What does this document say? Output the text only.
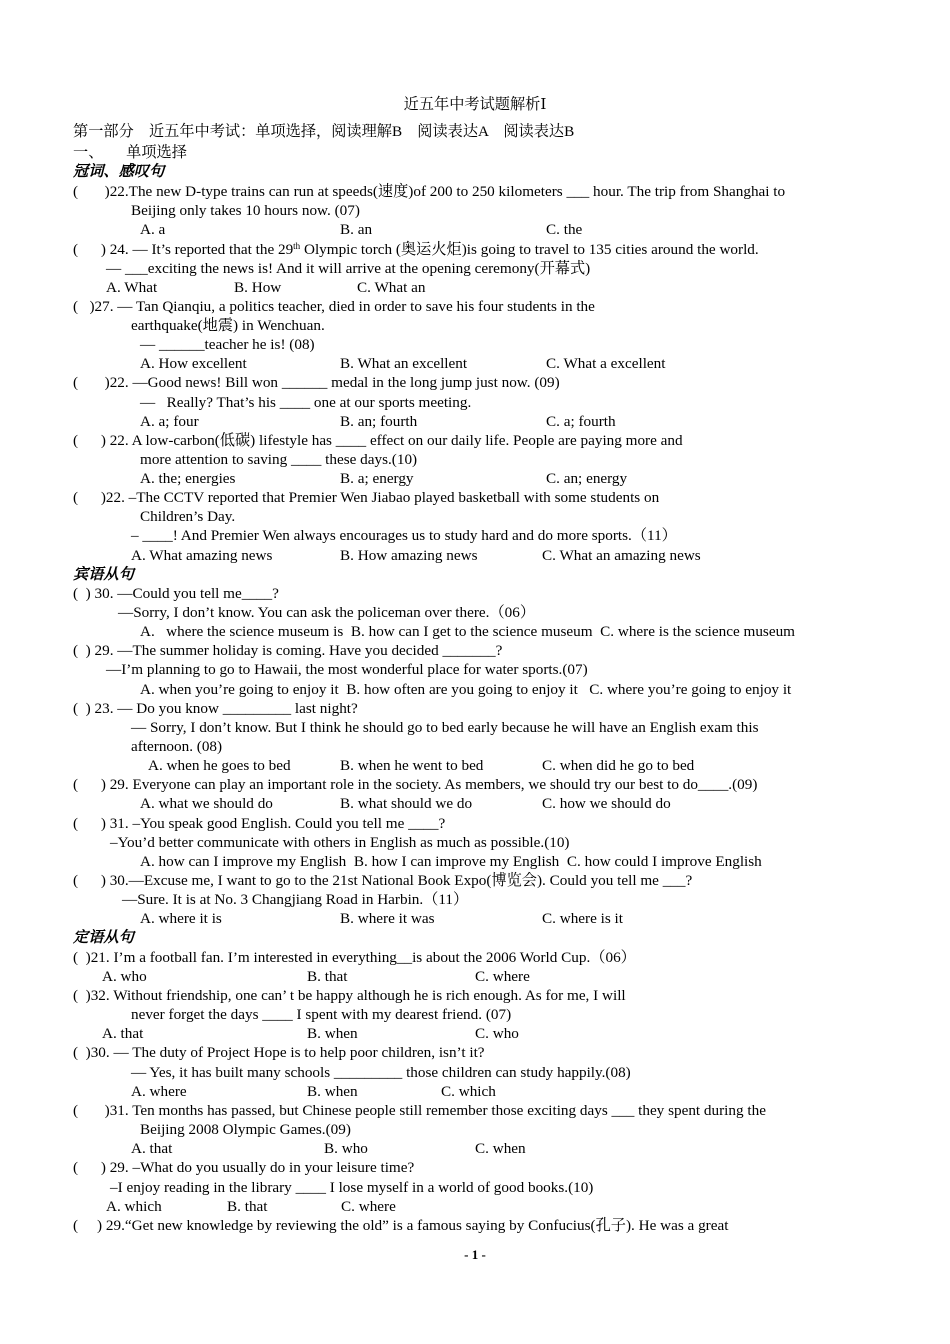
近五年中考试题解析Ⅰ
第一部分　近五年中考试：单项选择，阅读理解B　阅读表达A　阅读表达B
一、　　单项选择
冠词、感叹句
(       )22.The new D-type trains can run at speeds(速度)of 200 to 250 kilometers ___ hour. The trip from Shanghai to
Beijing only takes 10 hours now. (07)
A. a	B. an	C. the
(      ) 24. — It’s reported that the 29th Olympic torch (奥运火炬)is going to travel to 135 cities around the world.
— ___exciting the news is! And it will arrive at the opening ceremony(开幕式)
A. What	B. How	C. What an
(   )27. — Tan Qianqiu, a politics teacher, died in order to save his four students in the
earthquake(地震) in Wenchuan.
— ______teacher he is! (08)
A. How excellent	B. What an excellent	C. What a excellent
(       )22. —Good news! Bill won ______ medal in the long jump just now. (09)
—   Really? That’s his ____ one at our sports meeting.
A. a; four	B. an; fourth	C. a; fourth
(      ) 22. A low-carbon(低碳) lifestyle has ____ effect on our daily life. People are paying more and
more attention to saving ____ these days.(10)
A. the; energies	B. a; energy	C. an; energy
(      )22. –The CCTV reported that Premier Wen Jiabao played basketball with some students on
Children’s Day.
– ____! And Premier Wen always encourages us to study hard and do more sports.（11）
A. What amazing news	B. How amazing news	C. What an amazing news
宾语从句
(  ) 30. —Could you tell me____?
—Sorry, I don’t know. You can ask the policeman over there.（06）
A.   where the science museum is  B. how can I get to the science museum  C. where is the science museum
(  ) 29. —The summer holiday is coming. Have you decided _______?
—I’m planning to go to Hawaii, the most wonderful place for water sports.(07)
A. when you’re going to enjoy it  B. how often are you going to enjoy it   C. where you’re going to enjoy it
(  ) 23. — Do you know _________ last night?
— Sorry, I don’t know. But I think he should go to bed early because he will have an English exam this
afternoon. (08)
A. when he goes to bed	B. when he went to bed	C. when did he go to bed
(      ) 29. Everyone can play an important role in the society. As members, we should try our best to do____.(09)
A. what we should do	B. what should we do	C. how we should do
(      ) 31. –You speak good English. Could you tell me ____?
–You’d better communicate with others in English as much as possible.(10)
A. how can I improve my English  B. how I can improve my English  C. how could I improve English
(      ) 30.—Excuse me, I want to go to the 21st National Book Expo(博览会). Could you tell me ___?
—Sure. It is at No. 3 Changjiang Road in Harbin.（11）
A. where it is	B. where it was	C. where is it
定语从句
(  )21. I’m a football fan. I’m interested in everything__is about the 2006 World Cup.（06）
A. who	B. that	C. where
(  )32. Without friendship, one can’ t be happy although he is rich enough. As for me, I will
never forget the days ____ I spent with my dearest friend. (07)
A. that	B. when	C. who
(  )30. — The duty of Project Hope is to help poor children, isn’t it?
— Yes, it has built many schools _________ those children can study happily.(08)
A. where	B. when	C. which
(       )31. Ten months has passed, but Chinese people still remember those exciting days ___ they spent during the
Beijing 2008 Olympic Games.(09)
A. that	B. who	C. when
(      ) 29. –What do you usually do in your leisure time?
–I enjoy reading in the library ____ I lose myself in a world of good books.(10)
A. which	B. that	C. where
(     ) 29.“Get new knowledge by reviewing the old” is a famous saying by Confucius(孔子). He was a great
- 1 -
